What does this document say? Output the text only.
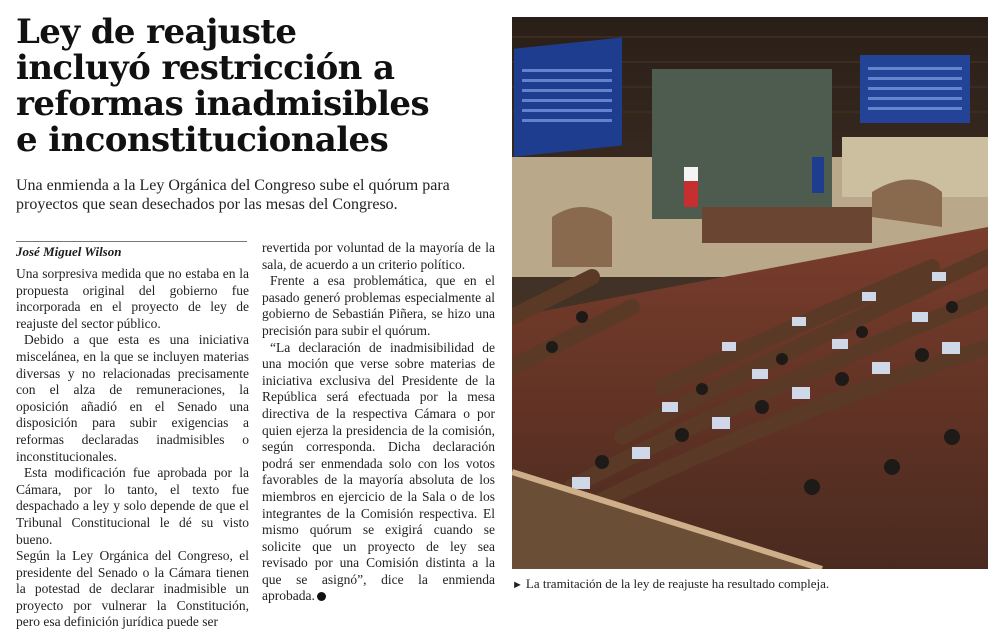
Ley de reajuste
incluyó restricción a
reformas inadmisibles
e inconstitucionales
Una enmienda a la Ley Orgánica del Congreso sube el quórum para
proyectos que sean desechados por las mesas del Congreso.
José Miguel Wilson

Una sorpresiva medida que no estaba en la propuesta original del gobierno fue incorporada en el proyecto de ley de reajuste del sector público.

Debido a que esta es una iniciativa miscelánea, en la que se incluyen materias diversas y no relacionadas precisamente con el alza de remuneraciones, la oposición añadió en el Senado una disposición para subir exigencias a reformas declaradas inadmisibles o inconstitucionales.

Esta modificación fue aprobada por la Cámara, por lo tanto, el texto fue despachado a ley y solo depende de que el Tribunal Constitucional le dé su visto bueno.

Según la Ley Orgánica del Congreso, el presidente del Senado o la Cámara tienen la potestad de declarar inadmisible un proyecto por vulnerar la Constitución, pero esa definición jurídica puede ser

revertida por voluntad de la mayoría de la sala, de acuerdo a un criterio político.

Frente a esa problemática, que en el pasado generó problemas especialmente al gobierno de Sebastián Piñera, se hizo una precisión para subir el quórum.

“La declaración de inadmisibilidad de una moción que verse sobre materias de iniciativa exclusiva del Presidente de la República será efectuada por la mesa directiva de la respectiva Cámara o por quien ejerza la presidencia de la comisión, según corresponda. Dicha declaración podrá ser enmendada solo con los votos favorables de la mayoría absoluta de los miembros en ejercicio de la Sala o de los integrantes de la Comisión respectiva. El mismo quórum se exigirá cuando se solicite que un proyecto de ley sea revisado por una Comisión distinta a la que se asignó”, dice la enmienda aprobada.

► La tramitación de la ley de reajuste ha resultado compleja.
